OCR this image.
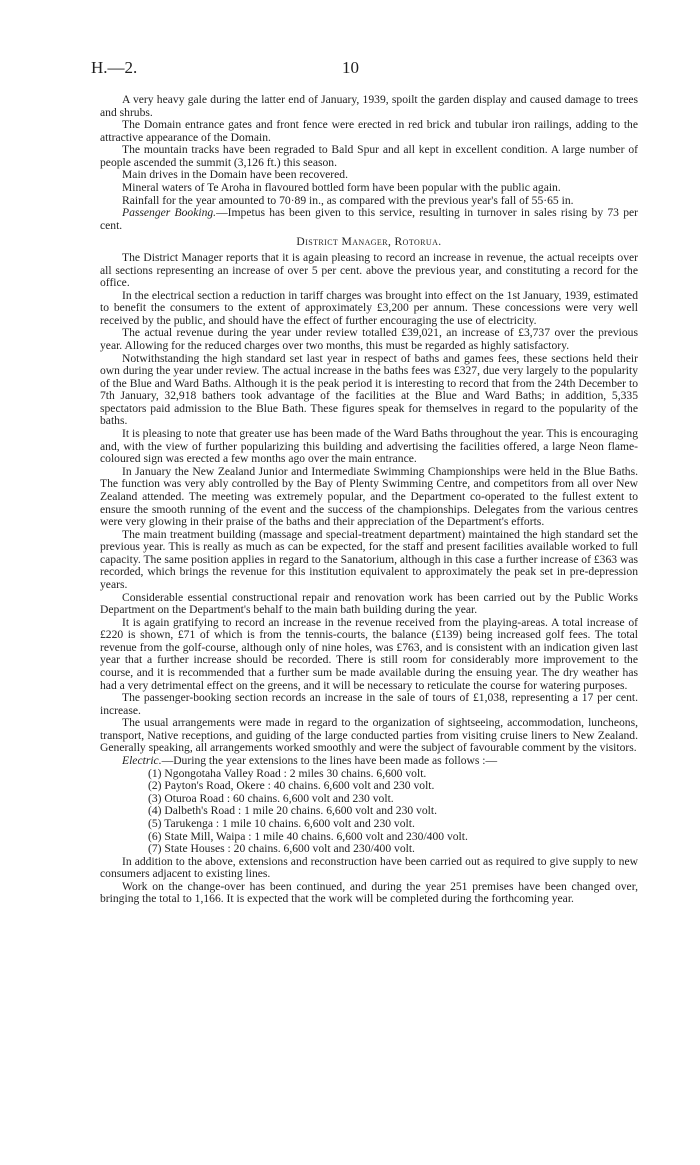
H.—2.	10

A very heavy gale during the latter end of January, 1939, spoilt the garden display and caused damage to trees and shrubs.

The Domain entrance gates and front fence were erected in red brick and tubular iron railings, adding to the attractive appearance of the Domain.

The mountain tracks have been regraded to Bald Spur and all kept in excellent condition. A large number of people ascended the summit (3,126 ft.) this season.

Main drives in the Domain have been recovered.

Mineral waters of Te Aroha in flavoured bottled form have been popular with the public again.

Rainfall for the year amounted to 70·89 in., as compared with the previous year's fall of 55·65 in.

Passenger Booking.—Impetus has been given to this service, resulting in turnover in sales rising by 73 per cent.

District Manager, Rotorua.

The District Manager reports that it is again pleasing to record an increase in revenue, the actual receipts over all sections representing an increase of over 5 per cent. above the previous year, and constituting a record for the office.

In the electrical section a reduction in tariff charges was brought into effect on the 1st January, 1939, estimated to benefit the consumers to the extent of approximately £3,200 per annum. These concessions were very well received by the public, and should have the effect of further encouraging the use of electricity.

The actual revenue during the year under review totalled £39,021, an increase of £3,737 over the previous year. Allowing for the reduced charges over two months, this must be regarded as highly satisfactory.

Notwithstanding the high standard set last year in respect of baths and games fees, these sections held their own during the year under review. The actual increase in the baths fees was £327, due very largely to the popularity of the Blue and Ward Baths. Although it is the peak period it is interesting to record that from the 24th December to 7th January, 32,918 bathers took advantage of the facilities at the Blue and Ward Baths; in addition, 5,335 spectators paid admission to the Blue Bath. These figures speak for themselves in regard to the popularity of the baths.

It is pleasing to note that greater use has been made of the Ward Baths throughout the year. This is encouraging and, with the view of further popularizing this building and advertising the facilities offered, a large Neon flame-coloured sign was erected a few months ago over the main entrance.

In January the New Zealand Junior and Intermediate Swimming Championships were held in the Blue Baths. The function was very ably controlled by the Bay of Plenty Swimming Centre, and competitors from all over New Zealand attended. The meeting was extremely popular, and the Department co-operated to the fullest extent to ensure the smooth running of the event and the success of the championships. Delegates from the various centres were very glowing in their praise of the baths and their appreciation of the Department's efforts.

The main treatment building (massage and special-treatment department) maintained the high standard set the previous year. This is really as much as can be expected, for the staff and present facilities available worked to full capacity. The same position applies in regard to the Sanatorium, although in this case a further increase of £363 was recorded, which brings the revenue for this institution equivalent to approximately the peak set in pre-depression years.

Considerable essential constructional repair and renovation work has been carried out by the Public Works Department on the Department's behalf to the main bath building during the year.

It is again gratifying to record an increase in the revenue received from the playing-areas. A total increase of £220 is shown, £71 of which is from the tennis-courts, the balance (£139) being increased golf fees. The total revenue from the golf-course, although only of nine holes, was £763, and is consistent with an indication given last year that a further increase should be recorded. There is still room for considerably more improvement to the course, and it is recommended that a further sum be made available during the ensuing year. The dry weather has had a very detrimental effect on the greens, and it will be necessary to reticulate the course for watering purposes.

The passenger-booking section records an increase in the sale of tours of £1,038, representing a 17 per cent. increase.

The usual arrangements were made in regard to the organization of sightseeing, accommodation, luncheons, transport, Native receptions, and guiding of the large conducted parties from visiting cruise liners to New Zealand. Generally speaking, all arrangements worked smoothly and were the subject of favourable comment by the visitors.

Electric.—During the year extensions to the lines have been made as follows :—

(1) Ngongotaha Valley Road : 2 miles 30 chains. 6,600 volt.
(2) Payton's Road, Okere : 40 chains. 6,600 volt and 230 volt.
(3) Oturoa Road : 60 chains. 6,600 volt and 230 volt.
(4) Dalbeth's Road : 1 mile 20 chains. 6,600 volt and 230 volt.
(5) Tarukenga : 1 mile 10 chains. 6,600 volt and 230 volt.
(6) State Mill, Waipa : 1 mile 40 chains. 6,600 volt and 230/400 volt.
(7) State Houses : 20 chains. 6,600 volt and 230/400 volt.

In addition to the above, extensions and reconstruction have been carried out as required to give supply to new consumers adjacent to existing lines.

Work on the change-over has been continued, and during the year 251 premises have been changed over, bringing the total to 1,166. It is expected that the work will be completed during the forthcoming year.
